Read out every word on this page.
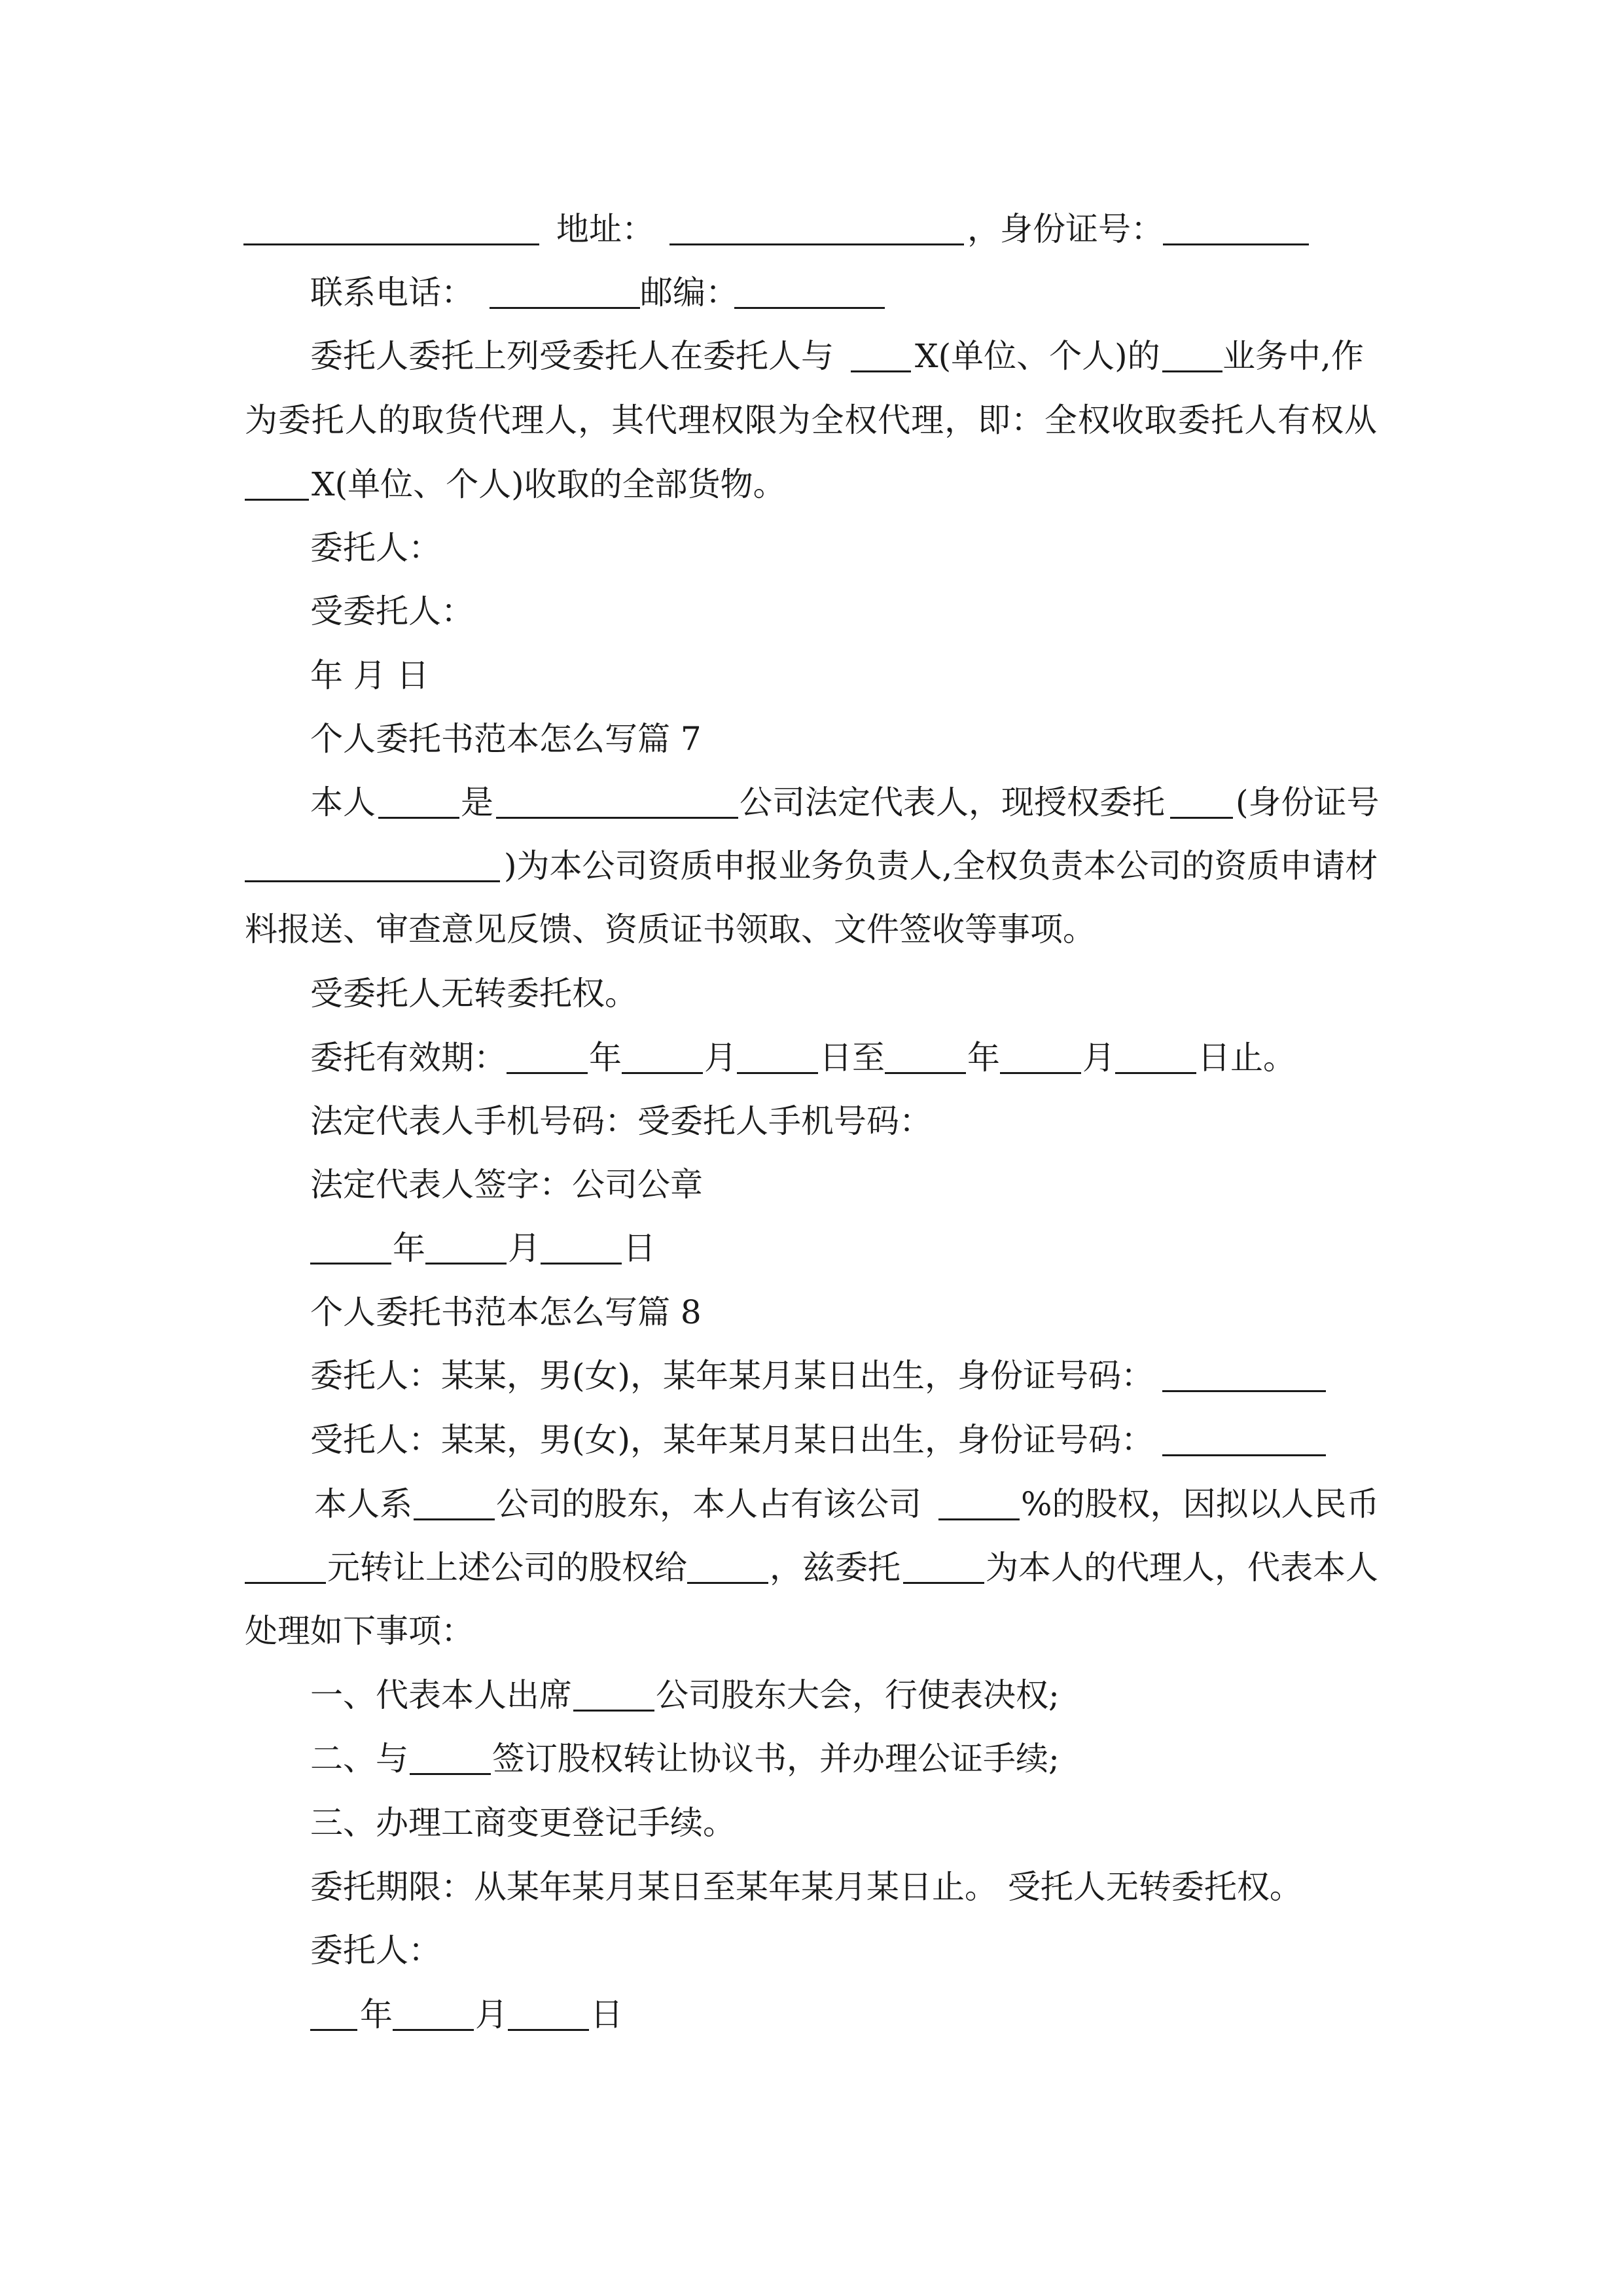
地址：	， 身份证号：
联系电话：	邮编：
委托人委托上列受委托人在委托人与 X(单位、个人)的 业务中,作
为委托人的取货代理人，其代理权限为全权代理，即：全权收取委托人有权从
X(单位、个人)收取的全部货物。
委托人：
受委托人：
年 月 日
个人委托书范本怎么写篇 7
本人	是	公司法定代表人，现授权委托 (身份证号
)为本公司资质申报业务负责人,全权负责本公司的资质申请材
料报送、审查意见反馈、资质证书领取、文件签收等事项。
受委托人无转委托权。
委托有效期：	年	月	日至	年	月	日止。
法定代表人手机号码：受委托人手机号码：
法定代表人签字：公司公章
年	月	日
个人委托书范本怎么写篇 8
委托人：某某，男(女)，某年某月某日出生，身份证号码：
受托人：某某，男(女)，某年某月某日出生，身份证号码：
本人系	公司的股东，本人占有该公司	%的股权，因拟以人民币
元转让上述公司的股权给	，兹委托	为本人的代理人，代表本人
处理如下事项：
一、代表本人出席	公司股东大会，行使表决权;
二、与	签订股权转让协议书，并办理公证手续;
三、办理工商变更登记手续。
委托期限：从某年某月某日至某年某月某日止。 受托人无转委托权。
委托人：
年	月	日
